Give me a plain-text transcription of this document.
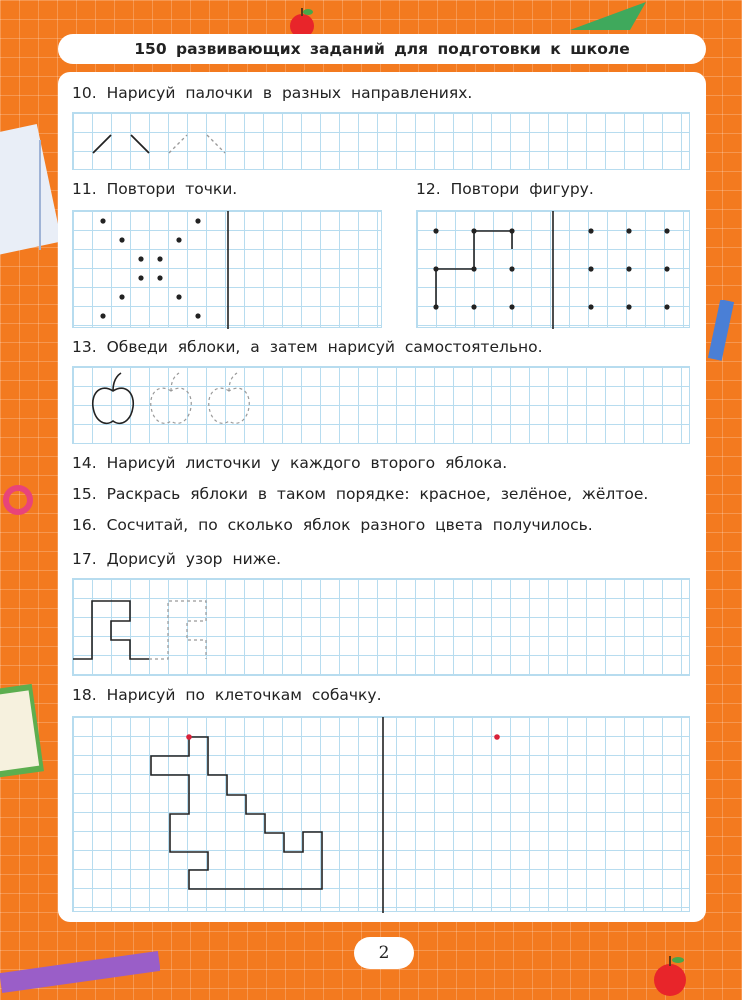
150 развивающих заданий для подготовки к школе

10. Нарисуй палочки в разных направлениях.

11. Повтори точки.	12. Повтори фигуру.

13. Обведи яблоки, а затем нарисуй самостоятельно.

14. Нарисуй листочки у каждого второго яблока.

15. Раскрась яблоки в таком порядке: красное, зелёное, жёлтое.

16. Сосчитай, по сколько яблок разного цвета получилось.

17. Дорисуй узор ниже.

18. Нарисуй по клеточкам собачку.

2
